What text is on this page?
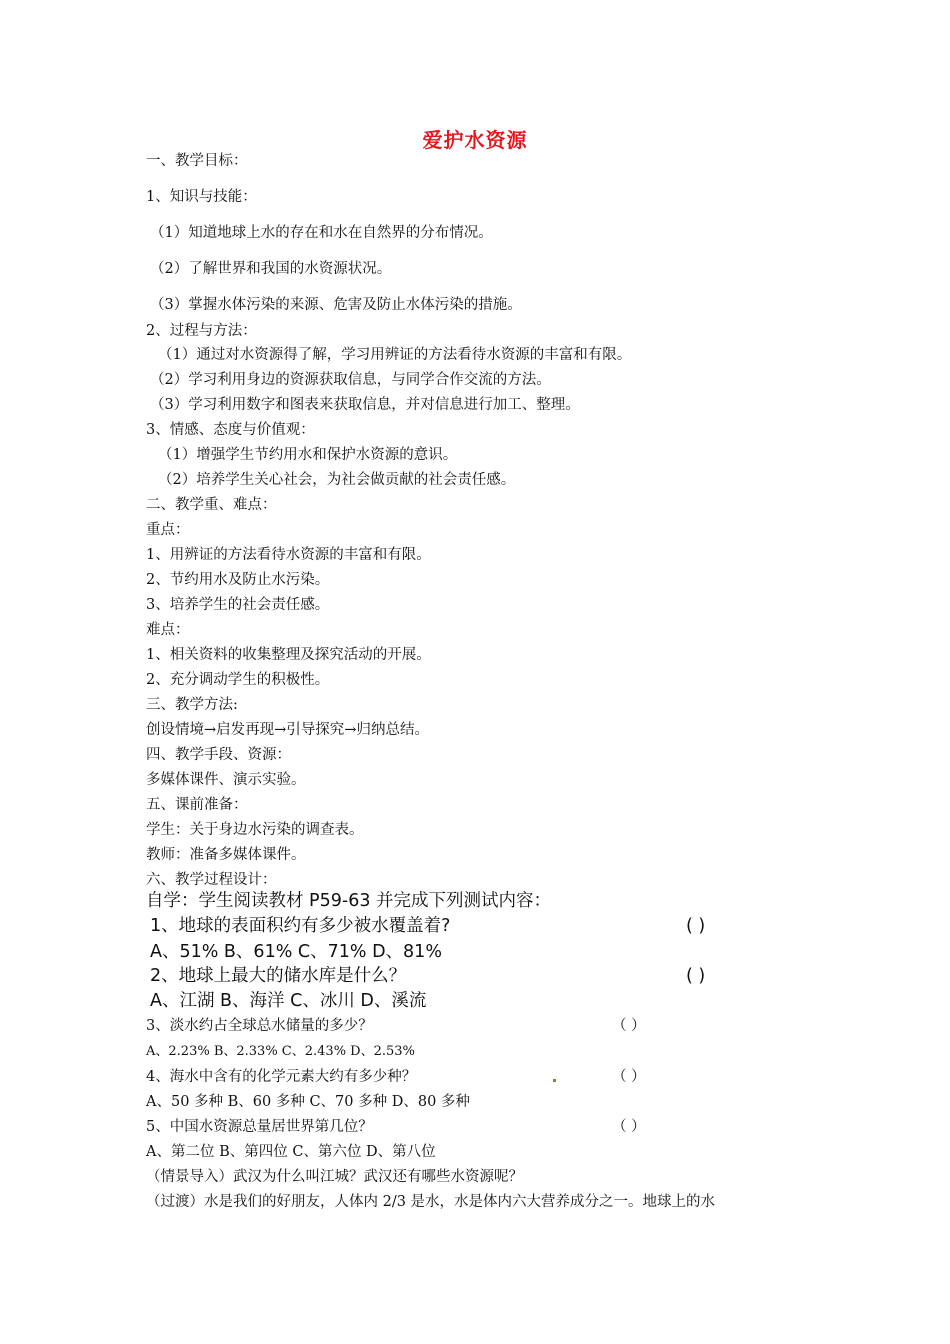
爱护水资源
一、教学目标：
1、知识与技能：
（1）知道地球上水的存在和水在自然界的分布情况。
（2）了解世界和我国的水资源状况。
（3）掌握水体污染的来源、危害及防止水体污染的措施。
2、过程与方法：
（1）通过对水资源得了解，学习用辨证的方法看待水资源的丰富和有限。
（2）学习利用身边的资源获取信息，与同学合作交流的方法。
（3）学习利用数字和图表来获取信息，并对信息进行加工、整理。
3、情感、态度与价值观：
（1）增强学生节约用水和保护水资源的意识。
（2）培养学生关心社会，为社会做贡献的社会责任感。
二、教学重、难点：
重点：
1、用辨证的方法看待水资源的丰富和有限。
2、节约用水及防止水污染。
3、培养学生的社会责任感。
难点：
1、相关资料的收集整理及探究活动的开展。
2、充分调动学生的积极性。
三、教学方法:
创设情境→启发再现→引导探究→归纳总结。
四、教学手段、资源：
多媒体课件、演示实验。
五、课前准备：
学生：关于身边水污染的调查表。
教师：准备多媒体课件。
六、教学过程设计：
自学：学生阅读教材 P59-63 并完成下列测试内容：
1、地球的表面积约有多少被水覆盖着?	( )
A、51% B、61% C、71% D、81%
2、地球上最大的储水库是什么？	( )
A、江湖 B、海洋 C、冰川 D、溪流
3、淡水约占全球总水储量的多少？	（ ）
A、2.23% B、2.33% C、2.43% D、2.53%
4、海水中含有的化学元素大约有多少种？	（ ）
A、50 多种 B、60 多种 C、70 多种 D、80 多种
5、中国水资源总量居世界第几位？	（ ）
A、第二位 B、第四位 C、第六位 D、第八位
（情景导入）武汉为什么叫江城？武汉还有哪些水资源呢？
（过渡）水是我们的好朋友，人体内 2/3 是水，水是体内六大营养成分之一。地球上的水
